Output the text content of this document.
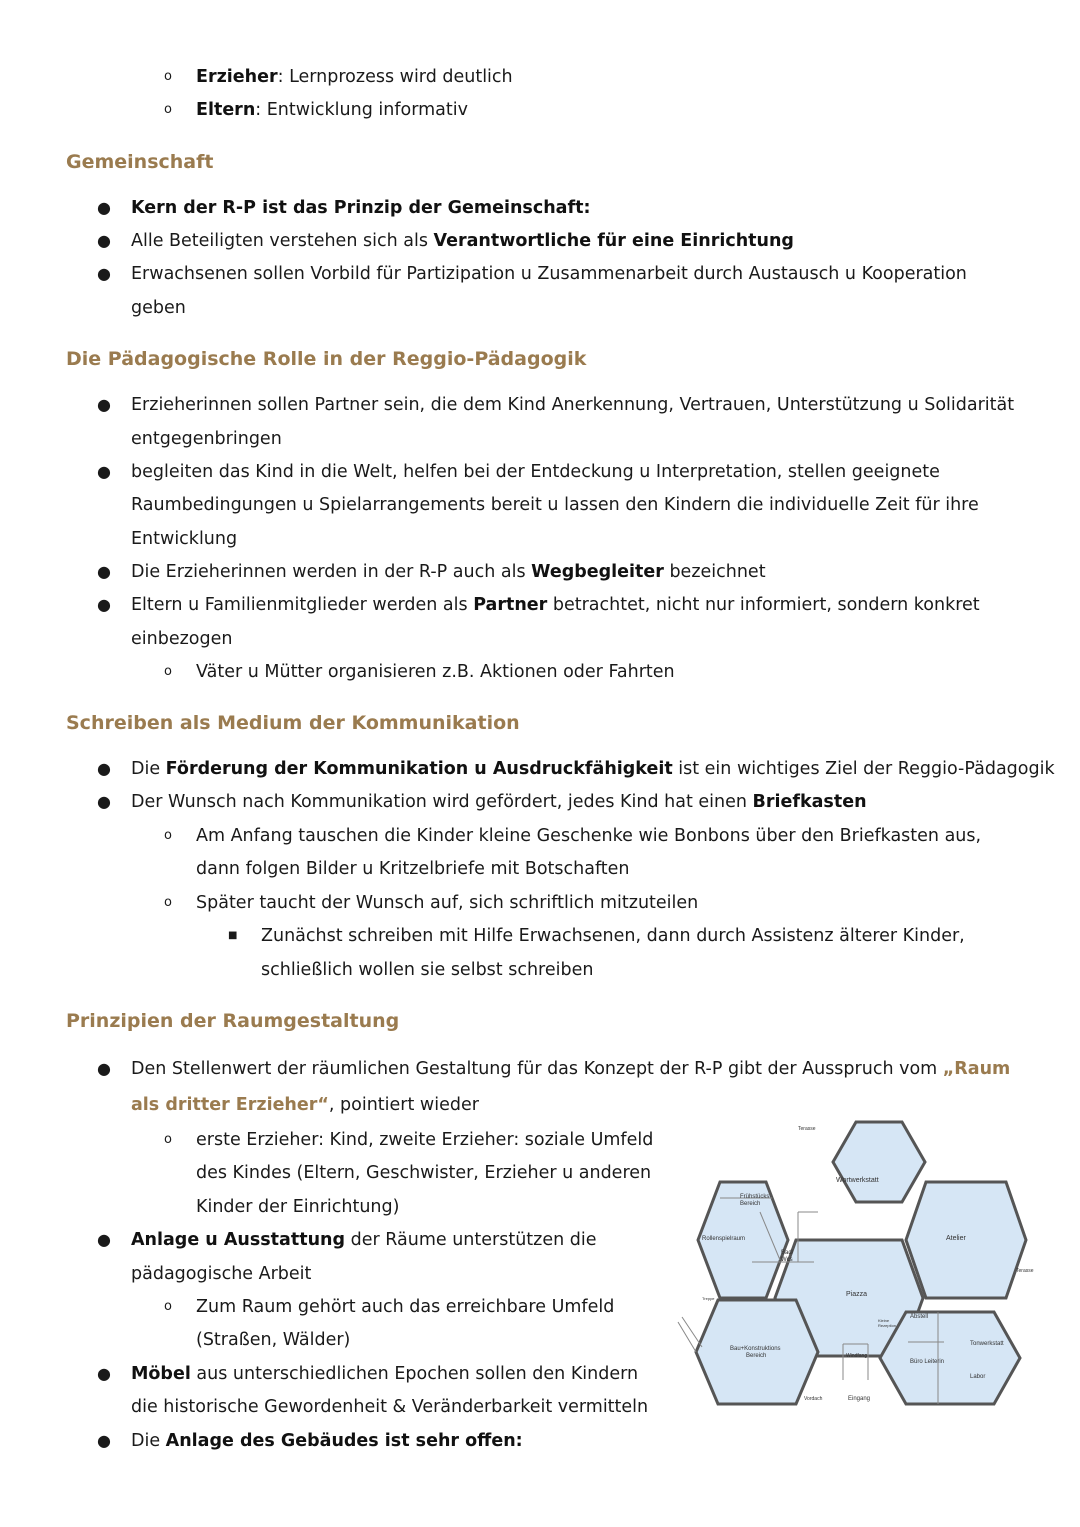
o Erzieher: Lernprozess wird deutlich
o Eltern: Entwicklung informativ
Gemeinschaft
● Kern der R-P ist das Prinzip der Gemeinschaft:
● Alle Beteiligten verstehen sich als Verantwortliche für eine Einrichtung
● Erwachsenen sollen Vorbild für Partizipation u Zusammenarbeit durch Austausch u Kooperation
geben
Die Pädagogische Rolle in der Reggio-Pädagogik
● Erzieherinnen sollen Partner sein, die dem Kind Anerkennung, Vertrauen, Unterstützung u Solidarität
entgegenbringen
● begleiten das Kind in die Welt, helfen bei der Entdeckung u Interpretation, stellen geeignete
Raumbedingungen u Spielarrangements bereit u lassen den Kindern die individuelle Zeit für ihre
Entwicklung
● Die Erzieherinnen werden in der R-P auch als Wegbegleiter bezeichnet
● Eltern u Familienmitglieder werden als Partner betrachtet, nicht nur informiert, sondern konkret
einbezogen
o Väter u Mütter organisieren z.B. Aktionen oder Fahrten
Schreiben als Medium der Kommunikation
● Die Förderung der Kommunikation u Ausdruckfähigkeit ist ein wichtiges Ziel der Reggio-Pädagogik
● Der Wunsch nach Kommunikation wird gefördert, jedes Kind hat einen Briefkasten
o Am Anfang tauschen die Kinder kleine Geschenke wie Bonbons über den Briefkasten aus,
dann folgen Bilder u Kritzelbriefe mit Botschaften
o Später taucht der Wunsch auf, sich schriftlich mitzuteilen
■ Zunächst schreiben mit Hilfe Erwachsenen, dann durch Assistenz älterer Kinder,
schließlich wollen sie selbst schreiben
Prinzipien der Raumgestaltung
● Den Stellenwert der räumlichen Gestaltung für das Konzept der R-P gibt der Ausspruch vom „Raum
als dritter Erzieher“, pointiert wieder
o erste Erzieher: Kind, zweite Erzieher: soziale Umfeld
des Kindes (Eltern, Geschwister, Erzieher u anderen
Kinder der Einrichtung)
● Anlage u Ausstattung der Räume unterstützen die
pädagogische Arbeit
o Zum Raum gehört auch das erreichbare Umfeld
(Straßen, Wälder)
● Möbel aus unterschiedlichen Epochen sollen den Kindern
die historische Gewordenheit & Veränderbarkeit vermitteln
● Die Anlage des Gebäudes ist sehr offen:
Terasse
Wortwerkstatt
Frühstücks
Bereich
Atelier
Terasse
Rollenspielraum
Bad/
Wcs
Piazza
Treppe
Kleine
Rezeption
Abstell
Bau+Konstruktions
Bereich
Tonwerkstatt
Windfang
Büro Leiterin
Labor
Vordach	Eingang
